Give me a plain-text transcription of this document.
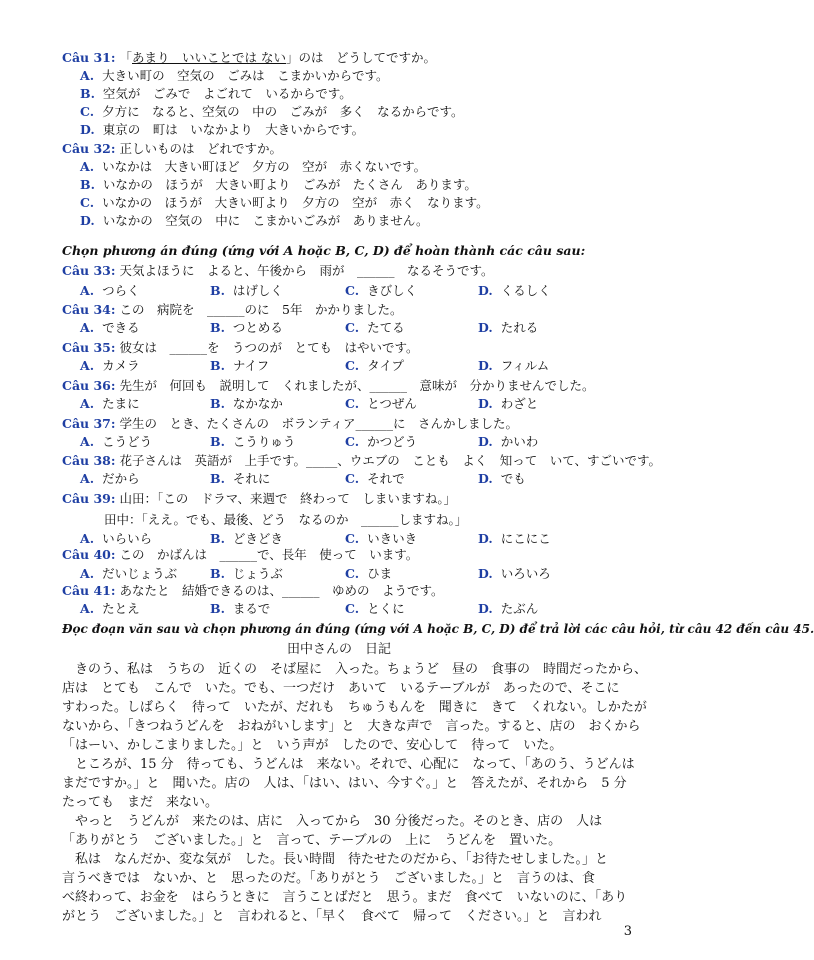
Câu 31: 「あまり　いいことでは ない」のは　どうしてですか。
A. 大きい町の　空気の　ごみは　こまかいからです。
B. 空気が　ごみで　よごれて　いるからです。
C. 夕方に　なると、空気の　中の　ごみが　多く　なるからです。
D. 東京の　町は　いなかより　大きいからです。
Câu 32: 正しいものは　どれですか。
A. いなかは　大きい町ほど　夕方の　空が　赤くないです。
B. いなかの　ほうが　大きい町より　ごみが　たくさん　あります。
C. いなかの　ほうが　大きい町より　夕方の　空が　赤く　なります。
D. いなかの　空気の　中に　こまかいごみが　ありません。
Chọn phương án đúng (ứng với A hoặc B, C, D) để hoàn thành các câu sau:
Câu 33: 天気よほうに　よると、午後から　雨が　______　なるそうです。
A. つらく	B. はげしく	C. きびしく	D. くるしく
Câu 34: この　病院を　______のに　5年　かかりました。
A. できる	B. つとめる	C. たてる	D. たれる
Câu 35: 彼女は　______を　うつのが　とても　はやいです。
A. カメラ	B. ナイフ	C. タイプ	D. フィルム
Câu 36: 先生が　何回も　説明して　くれましたが、______　意味が　分かりませんでした。
A. たまに	B. なかなか	C. とつぜん	D. わざと
Câu 37: 学生の　とき、たくさんの　ボランティア______に　さんかしました。
A. こうどう	B. こうりゅう	C. かつどう	D. かいわ
Câu 38: 花子さんは　英語が　上手です。_____、ウエブの　ことも　よく　知って　いて、すごいです。
A. だから	B. それに	C. それで	D. でも
Câu 39: 山田：「この　ドラマ、来週で　終わって　しまいますね。」
田中：「ええ。でも、最後、どう　なるのか　______しますね。」
A. いらいら	B. どきどき	C. いきいき	D. にこにこ
Câu 40: この　かばんは　______で、長年　使って　います。
A. だいじょうぶ	B. じょうぶ	C. ひま	D. いろいろ
Câu 41: あなたと　結婚できるのは、______　ゆめの　ようです。
A. たとえ	B. まるで	C. とくに	D. たぶん
Đọc đoạn văn sau và chọn phương án đúng (ứng với A hoặc B, C, D) để trả lời các câu hỏi, từ câu 42 đến câu 45.
田中さんの　日記
　きのう、私は　うちの　近くの　そば屋に　入った。ちょうど　昼の　食事の　時間だったから、
店は　とても　こんで　いた。でも、一つだけ　あいて　いるテーブルが　あったので、そこに
すわった。しばらく　待って　いたが、だれも　ちゅうもんを　聞きに　きて　くれない。しかたが
ないから、「きつねうどんを　おねがいします」と　大きな声で　言った。すると、店の　おくから
「はーい、かしこまりました。」と　いう声が　したので、安心して　待って　いた。
　ところが、15 分　待っても、うどんは　来ない。それで、心配に　なって、「あのう、うどんは
まだですか。」と　聞いた。店の　人は、「はい、はい、今すぐ。」と　答えたが、それから　5 分
たっても　まだ　来ない。
　やっと　うどんが　来たのは、店に　入ってから　30 分後だった。そのとき、店の　人は
「ありがとう　ございました。」と　言って、テーブルの　上に　うどんを　置いた。
　私は　なんだか、変な気が　した。長い時間　待たせたのだから、「お待たせしました。」と
言うべきでは　ないか、と　思ったのだ。「ありがとう　ございました。」と　言うのは、食
べ終わって、お金を　はらうときに　言うことばだと　思う。まだ　食べて　いないのに、「あり
がとう　ございました。」と　言われると、「早く　食べて　帰って　ください。」と　言われ
3
